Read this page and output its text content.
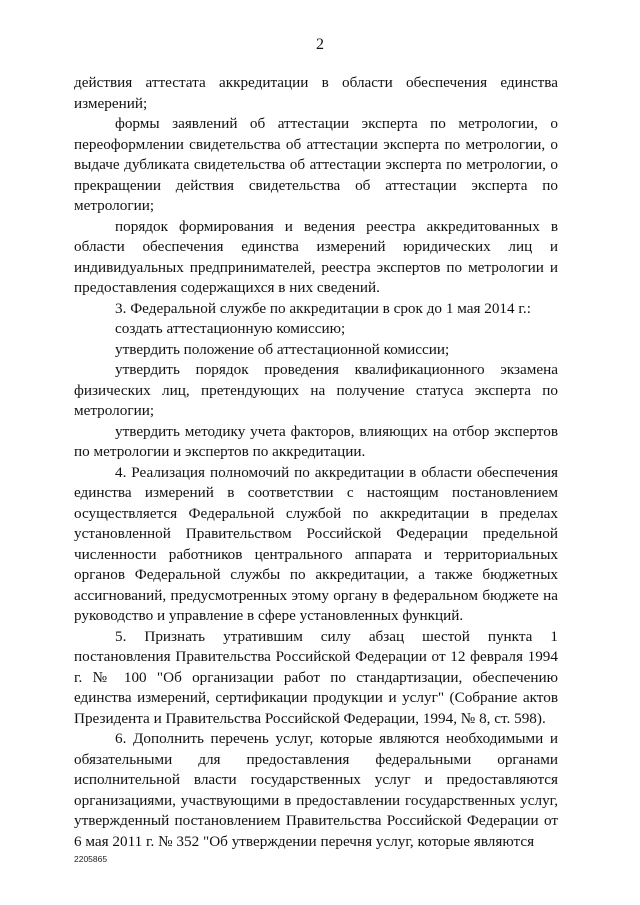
2

действия аттестата аккредитации в области обеспечения единства измерений;

формы заявлений об аттестации эксперта по метрологии, о переоформлении свидетельства об аттестации эксперта по метрологии, о выдаче дубликата свидетельства об аттестации эксперта по метрологии, о прекращении действия свидетельства об аттестации эксперта по метрологии;

порядок формирования и ведения реестра аккредитованных в области обеспечения единства измерений юридических лиц и индивидуальных предпринимателей, реестра экспертов по метрологии и предоставления содержащихся в них сведений.

3. Федеральной службе по аккредитации в срок до 1 мая 2014 г.:

создать аттестационную комиссию;

утвердить положение об аттестационной комиссии;

утвердить порядок проведения квалификационного экзамена физических лиц, претендующих на получение статуса эксперта по метрологии;

утвердить методику учета факторов, влияющих на отбор экспертов по метрологии и экспертов по аккредитации.

4. Реализация полномочий по аккредитации в области обеспечения единства измерений в соответствии с настоящим постановлением осуществляется Федеральной службой по аккредитации в пределах установленной Правительством Российской Федерации предельной численности работников центрального аппарата и территориальных органов Федеральной службы по аккредитации, а также бюджетных ассигнований, предусмотренных этому органу в федеральном бюджете на руководство и управление в сфере установленных функций.

5. Признать утратившим силу абзац шестой пункта 1 постановления Правительства Российской Федерации от 12 февраля 1994 г. № 100 "Об организации работ по стандартизации, обеспечению единства измерений, сертификации продукции и услуг" (Собрание актов Президента и Правительства Российской Федерации, 1994, № 8, ст. 598).

6. Дополнить перечень услуг, которые являются необходимыми и обязательными для предоставления федеральными органами исполнительной власти государственных услуг и предоставляются организациями, участвующими в предоставлении государственных услуг, утвержденный постановлением Правительства Российской Федерации от 6 мая 2011 г. № 352 "Об утверждении перечня услуг, которые являются

2205865
